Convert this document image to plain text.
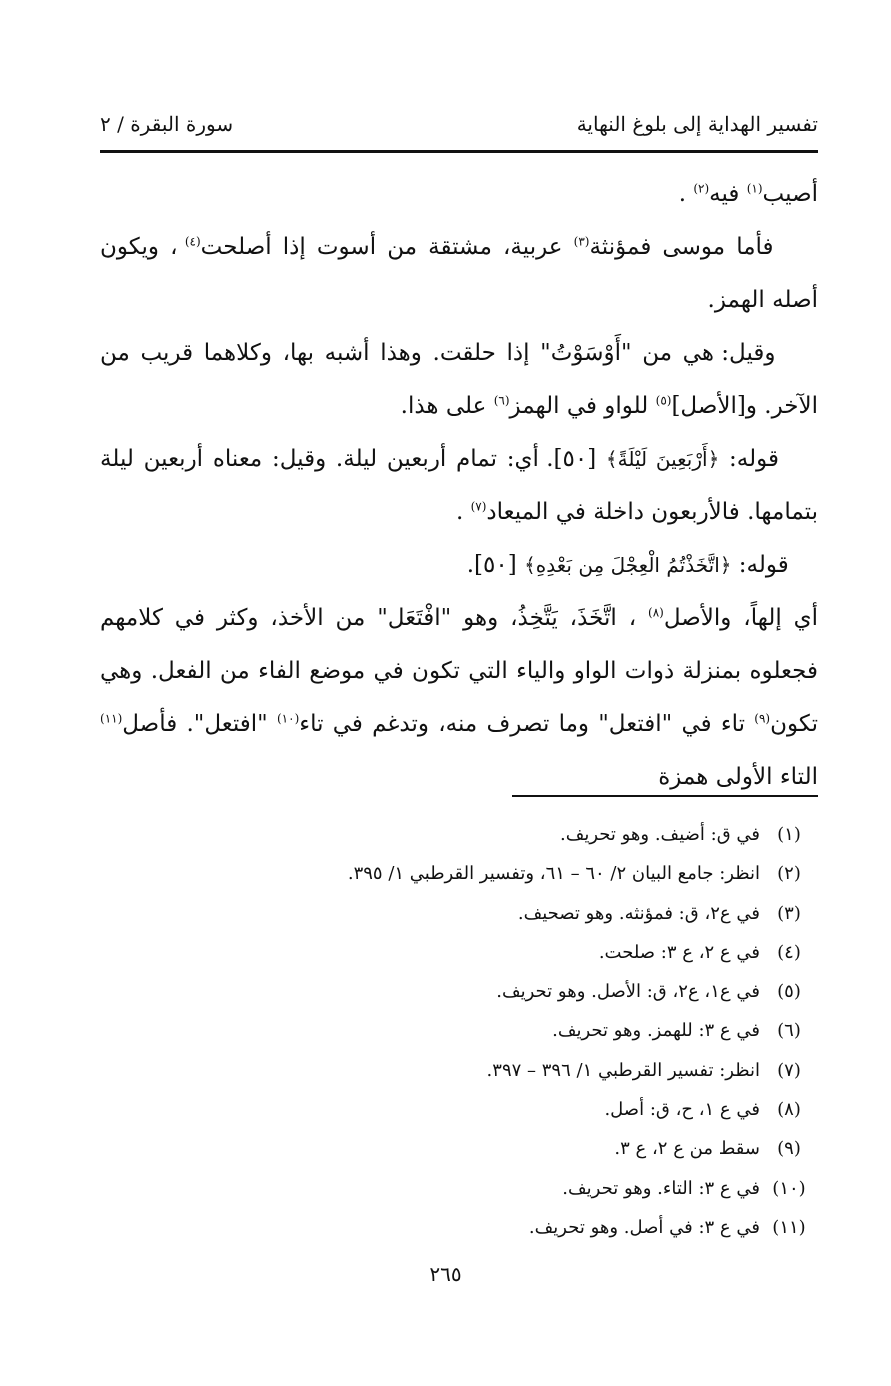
تفسير الهداية إلى بلوغ النهاية
سورة البقرة / ٢

أصيب$^{(١)}$ فيه$^{(٢)}$ .

فأما موسى فمؤنثة$^{(٣)}$ عربية، مشتقة من أسوت إذا أصلحت$^{(٤)}$ ، ويكون أصله الهمز.

وقيل: هي من "أَوْسَوْتُ" إذا حلقت. وهذا أشبه بها، وكلاهما قريب من الآخر. و[الأصل]$^{(٥)}$ للواو في الهمز$^{(٦)}$ على هذا.

قوله: ﴿أَرْبَعِينَ لَيْلَةً﴾ [٥٠]. أي: تمام أربعين ليلة. وقيل: معناه أربعين ليلة بتمامها. فالأربعون داخلة في الميعاد$^{(٧)}$ .

قوله: ﴿اتَّخَذْتُمُ الْعِجْلَ مِن بَعْدِهِ﴾ [٥٠].

أي إلهاً، والأصل$^{(٨)}$ ، اتَّخَذَ، يَتَّخِذُ، وهو "افْتَعَل" من الأخذ، وكثر في كلامهم فجعلوه بمنزلة ذوات الواو والياء التي تكون في موضع الفاء من الفعل. وهي تكون$^{(٩)}$ تاء في "افتعل" وما تصرف منه، وتدغم في تاء$^{(١٠)}$ "افتعل". فأصل$^{(١١)}$ التاء الأولى همزة

(١)
في ق: أضيف. وهو تحريف.
(٢)
انظر: جامع البيان ٢/ ٦٠ – ٦١، وتفسير القرطبي ١/ ٣٩٥.
(٣)
في ع٢، ق: فمؤنثه. وهو تصحيف.
(٤)
في ع ٢، ع ٣: صلحت.
(٥)
في ع١، ع٢، ق: الأصل. وهو تحريف.
(٦)
في ع ٣: للهمز. وهو تحريف.
(٧)
انظر: تفسير القرطبي ١/ ٣٩٦ – ٣٩٧.
(٨)
في ع ١، ح، ق: أصل.
(٩)
سقط من ع ٢، ع ٣.
(١٠)
في ع ٣: التاء. وهو تحريف.
(١١)
في ع ٣: في أصل. وهو تحريف.
٢٦٥
